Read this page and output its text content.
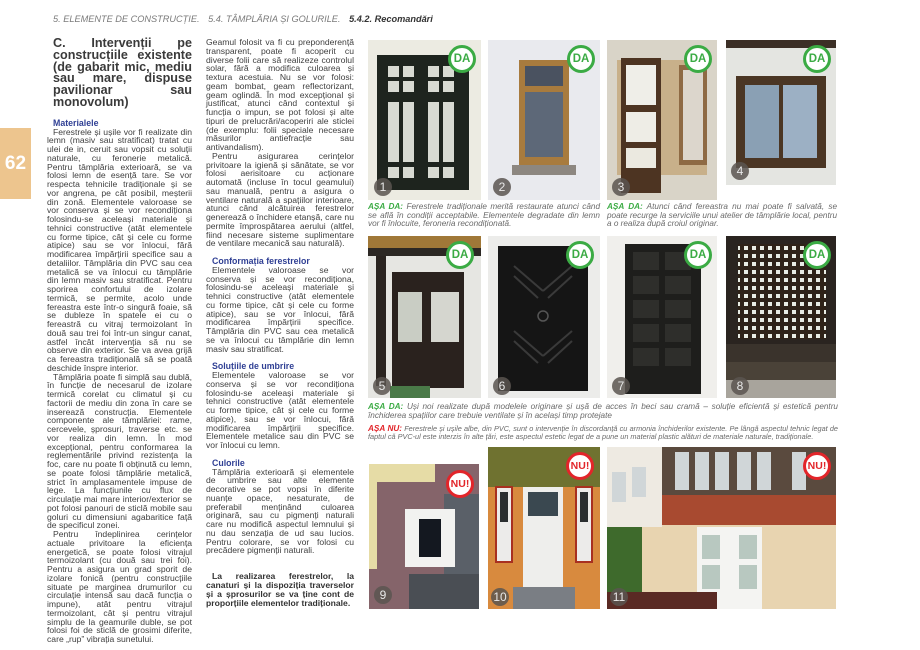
5. ELEMENTE DE CONSTRUCȚIE. 5.4. TÂMPLĂRIA ȘI GOLURILE. 5.4.2. Recomandări
62
C. Intervenții pe construcțiile existente (de gabarit mic, mediu sau mare, dispuse pavilionar sau monovolum)
Materialele

Ferestrele și ușile vor fi realizate din lemn (masiv sau stratificat) tratat cu ulei de in, ceruit sau vopsit cu soluții naturale, cu feronerie metalică. Pentru tâmplăria exterioară, se va folosi lemn de esență tare. Se vor respecta tehnicile tradiționale și se vor angrena, pe cât posibil, meșterii din zonă. Elementele valoroase se vor conserva și se vor recondiționa folosindu-se aceleași materiale și tehnici constructive (atât elementele cu forme tipice, cât și cele cu forme atipice) sau se vor înlocui, fără modificarea împărțirii specifice sau a detaliilor. Tâmplăria din PVC sau cea metalică se va înlocui cu tâmplărie din lemn masiv sau stratificat. Pentru sporirea confortului de izolare termică, se permite, acolo unde fereastra este într-o singură foaie, să se dubleze în spatele ei cu o fereastră cu vitraj termoizolant în două sau trei foi într-un singur canat, astfel încât intervenția să nu se observe din exterior. Se va avea grijă ca fereastra tradițională să se poată deschide înspre interior.

Tâmplăria poate fi simplă sau dublă, în funcție de necesarul de izolare termică corelat cu climatul și cu factorii de mediu din zona în care se inserează construcția. Elementele componente ale tâmplăriei: rame, cercevele, șprosuri, traverse etc. se vor realiza din lemn. În mod excepțional, pentru conformarea la reglementările privind rezistența la foc, care nu poate fi obținută cu lemn, se poate folosi tâmplărie metalică, strict în amplasamentele impuse de lege. La funcțiunile cu flux de circulație mai mare interior/exterior se pot folosi panouri de sticlă mobile sau goluri cu dimensiuni agabaritice față de specificul zonei.

Pentru îndeplinirea cerințelor actuale privitoare la eficiența energetică, se poate folosi vitrajul termoizolant (cu două sau trei foi). Pentru a asigura un grad sporit de izolare fonică (pentru construcțiile situate pe marginea drumurilor cu circulație intensă sau dacă funcția o impune), atât pentru vitrajul termoizolant, cât și pentru vitrajul simplu de la geamurile duble, se pot folosi foi de sticlă de grosimi diferite, care „rup” vibrația sunetului.

Geamul folosit va fi cu preponderență transparent, poate fi acoperit cu diverse folii care să realizeze controlul solar, fără a modifica culoarea și textura acestuia. Nu se vor folosi: geam bombat, geam reflectorizant, geam oglindă. În mod excepțional și justificat, atunci când contextul și funcția o impun, se pot folosi și alte tipuri de prelucrări/acoperiri ale sticlei (de exemplu: folii speciale necesare măsurilor antiefracție sau antivandalism).

Pentru asigurarea cerințelor privitoare la igienă și sănătate, se vor folosi aerisitoare cu acționare automată (incluse în tocul geamului) sau manuală, pentru a asigura o ventilare naturală a spațiilor interioare, atunci când alcătuirea ferestrelor generează o închidere etanșă, care nu permite împrospătarea aerului (altfel, fiind necesare sisteme suplimentare de ventilare mecanică sau naturală).

Conformația ferestrelor

Elementele valoroase se vor conserva și se vor recondiționa, folosindu-se aceleași materiale și tehnici constructive (atât elementele cu forme tipice, cât și cele cu forme atipice), sau se vor înlocui, fără modificarea împărțirii specifice. Tâmplăria din PVC sau cea metalică se va înlocui cu tâmplărie din lemn masiv sau stratificat.

Soluțiile de umbrire

Elementele valoroase se vor conserva și se vor recondiționa folosindu-se aceleași materiale și tehnici constructive (atât elementele cu forme tipice, cât și cele cu forme atipice), sau se vor înlocui, fără modificarea împărțirii specifice. Elementele metalice sau din PVC se vor înlocui cu lemn.

Culorile

Tâmplăria exterioară și elementele de umbrire sau alte elemente decorative se pot vopsi în diferite nuanțe opace, nesaturate, de preferabil menținând culoarea originară, sau cu pigmenți naturali care nu modifică aspectul lemnului și nu dau senzația de ud sau lucios. Pentru colorare, se vor folosi cu precădere pigmenții naturali.

La realizarea ferestrelor, la canaturi și la dispoziția traverselor și a șprosurilor se va ține cont de proporțiile elementelor tradiționale.

DA
1
DA
2
DA
3
DA
4
AȘA DA: Ferestrele tradiționale merită restaurate atunci când se află în condiții acceptabile. Elementele degradate din lemn vor fi înlocuite, feroneria recondiționată.
AȘA DA: Atunci când fereastra nu mai poate fi salvată, se poate recurge la serviciile unui atelier de tâmplărie local, pentru a o realiza după croiul originar.
DA
5
DA
6
DA
7
DA
8
AȘA DA: Uși noi realizate după modelele originare și ușă de acces în beci sau cramă – soluție eficientă și estetică pentru închiderea spațiilor care trebuie ventilate și în același timp protejate
AȘA NU: Ferestrele și ușile albe, din PVC, sunt o intervenție în discordanță cu armonia închiderilor existente. Pe lângă aspectul tehnic legat de faptul că PVC-ul este interzis în alte țări, este aspectul estetic legat de a pune un material plastic alături de materiale naturale, tradiționale.
NU!
9
NU!
10
NU!
11
